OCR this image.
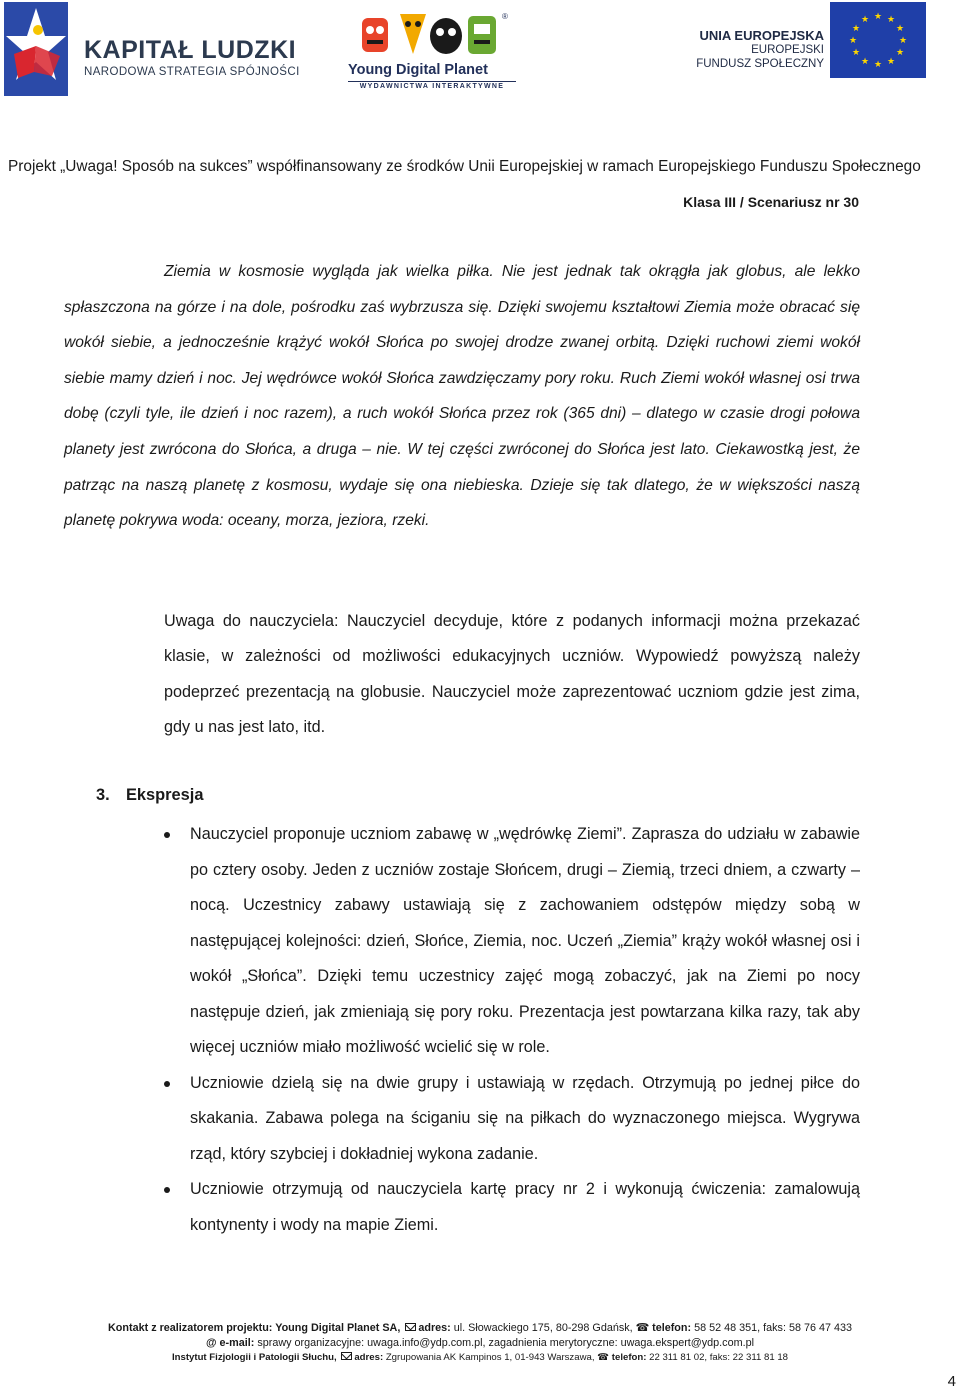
KAPITAŁ LUDZKI
NARODOWA STRATEGIA SPÓJNOŚCI
®
Young Digital Planet
WYDAWNICTWA INTERAKTYWNE
UNIA EUROPEJSKA
EUROPEJSKI
FUNDUSZ SPOŁECZNY
★ ★
★
★
★
★
★
★
★
★
★
★
Projekt „Uwaga! Sposób na sukces” współfinansowany ze środków Unii Europejskiej w ramach Europejskiego Funduszu Społecznego
Klasa III / Scenariusz nr 30

Ziemia w kosmosie wygląda jak wielka piłka. Nie jest jednak tak okrągła jak globus, ale lekko spłaszczona na górze i na dole, pośrodku zaś wybrzusza się. Dzięki swojemu kształtowi Ziemia może obracać się wokół siebie, a jednocześnie krążyć wokół Słońca po swojej drodze zwanej orbitą. Dzięki ruchowi ziemi wokół siebie mamy dzień i noc. Jej wędrówce wokół Słońca zawdzięczamy pory roku. Ruch Ziemi wokół własnej osi trwa dobę (czyli tyle, ile dzień i noc razem), a ruch wokół Słońca przez rok (365 dni) – dlatego w czasie drogi połowa planety jest zwrócona do Słońca, a druga – nie. W tej części zwróconej do Słońca jest lato. Ciekawostką jest, że patrząc na naszą planetę z kosmosu, wydaje się ona niebieska. Dzieje się tak dlatego, że w większości naszą planetę pokrywa woda: oceany, morza, jeziora, rzeki.

Uwaga do nauczyciela: Nauczyciel decyduje, które z podanych informacji można przekazać klasie, w zależności od możliwości edukacyjnych uczniów. Wypowiedź powyższą należy podeprzeć prezentacją na globusie. Nauczyciel może zaprezentować uczniom gdzie jest zima, gdy u nas jest lato, itd.

3. Ekspresja
Nauczyciel proponuje uczniom zabawę w „wędrówkę Ziemi”. Zaprasza do udziału w zabawie po cztery osoby. Jeden z uczniów zostaje Słońcem, drugi – Ziemią, trzeci dniem, a czwarty – nocą. Uczestnicy zabawy ustawiają się z zachowaniem odstępów między sobą w następującej kolejności: dzień, Słońce, Ziemia, noc. Uczeń „Ziemia” krąży wokół własnej osi i wokół „Słońca”. Dzięki temu uczestnicy zajęć mogą zobaczyć, jak na Ziemi po nocy następuje dzień, jak zmieniają się pory roku. Prezentacja jest powtarzana kilka razy, tak aby więcej uczniów miało możliwość wcielić się w role.
Uczniowie dzielą się na dwie grupy i ustawiają w rzędach. Otrzymują po jednej piłce do skakania. Zabawa polega na ściganiu się na piłkach do wyznaczonego miejsca. Wygrywa rząd, który szybciej i dokładniej wykona zadanie.
Uczniowie otrzymują od nauczyciela kartę pracy nr 2 i wykonują ćwiczenia: zamalowują kontynenty i wody na mapie Ziemi.
Kontakt z realizatorem projektu: Young Digital Planet SA, adres: ul. Słowackiego 175, 80-298 Gdańsk, ☎ telefon: 58 52 48 351, faks: 58 76 47 433
@ e-mail: sprawy organizacyjne: uwaga.info@ydp.com.pl, zagadnienia merytoryczne: uwaga.ekspert@ydp.com.pl
Instytut Fizjologii i Patologii Słuchu, adres: Zgrupowania AK Kampinos 1, 01-943 Warszawa, ☎ telefon: 22 311 81 02, faks: 22 311 81 18
4
